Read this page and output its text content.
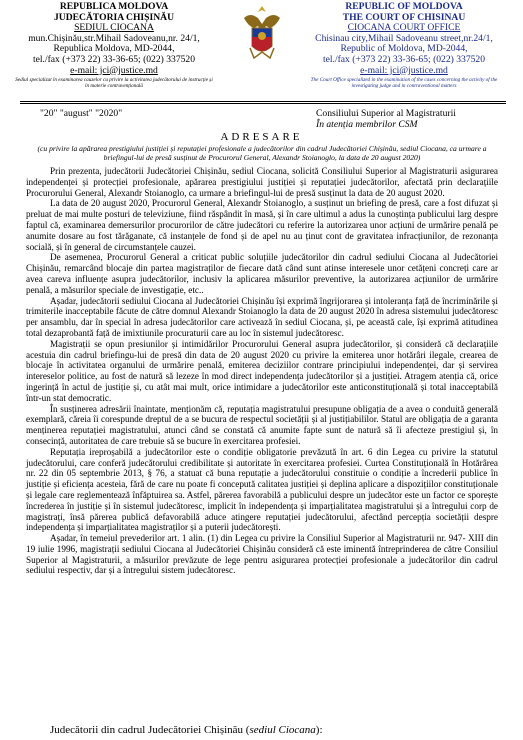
REPUBLICA MOLDOVA
JUDECĂTORIA CHIȘINĂU
SEDIUL CIOCANA
mun.Chișinău,str.Mihail Sadoveanu,nr. 24/1,
Republica Moldova, MD-2044,
tel./fax (+373 22) 33-36-65; (022) 337520
e-mail: jci@justice.md
Sediul specializat în examinarea cauzelor cu privire la activitatea judecătorului de instrucție și în materie contravențională
REPUBLIC OF MOLDOVA
THE COURT OF CHISINAU
CIOCANA COURT OFFICE
Chisinau city,Mihail Sadoveanu street,nr.24/1,
Republic of Moldova, MD-2044,
tel./fax (+373 22) 33-36-65; (022) 337520
e-mail: jci@justice.md
The Court Office specialized in the examination of the cases concerning the activity of the investigating judge and in contraventional matters
"20" "august" "2020"	Consiliului Superior al Magistraturii
În atenția membrilor CSM
ADRESARE
(cu privire la apărarea prestigiului justiției și reputației profesionale a judecătorilor din cadrul Judecătoriei Chișinău, sediul Ciocana, ca urmare a briefingul-lui de presă susținut de Procurorul General, Alexandr Stoianoglo, la data de 20 august 2020)

Prin prezenta, judecătorii Judecătoriei Chișinău, sediul Ciocana, solicită Consiliului Superior al Magistraturii asigurarea independenței și protecției profesionale, apărarea prestigiului justiției și reputației judecătorilor, afectată prin declarațiile Procurorului General, Alexandr Stoianoglo, ca urmare a briefingul-lui de presă susținut la data de 20 august 2020.

La data de 20 august 2020, Procurorul General, Alexandr Stoianoglo, a susținut un briefing de presă, care a fost difuzat și preluat de mai multe posturi de televiziune, fiind răspândit în masă, și în care ultimul a adus la cunoștința publicului larg despre faptul că, examinarea demersurilor procurorilor de către judecători cu referire la autorizarea unor acțiuni de urmărire penală pe anumite dosare au fost tărăganate, că instanțele de fond și de apel nu au ținut cont de gravitatea infracțiunilor, de rezonanța socială, și în general de circumstanțele cauzei.

De asemenea, Procurorul General a criticat public soluțiile judecătorilor din cadrul sediului Ciocana al Judecătoriei Chișinău, remarcând blocaje din partea magistraților de fiecare dată când sunt atinse interesele unor cetățeni concreți care ar avea careva influențe asupra judecătorilor, inclusiv la aplicarea măsurilor preventive, la autorizarea acțiunilor de urmărire penală, a măsurilor speciale de investigație, etc..

Așadar, judecătorii sediului Ciocana al Judecătoriei Chișinău își exprimă îngrijorarea și intoleranța față de încriminările și trimiterile inacceptabile făcute de către domnul Alexandr Stoianoglo la data de 20 august 2020 în adresa sistemului judecătoresc per ansamblu, dar în special în adresa judecătorilor care activează în sediul Ciocana, și, pe această cale, își exprimă atitudinea total dezaprobantă față de imixtiunile procuraturii care au loc în sistemul judecătoresc.

Magistrații se opun presiunilor și intimidărilor Procurorului General asupra judecătorilor, și consideră că declarațiile acestuia din cadrul briefingu-lui de presă din data de 20 august 2020 cu privire la emiterea unor hotărâri ilegale, crearea de blocaje în activitatea organului de urmărire penală, emiterea deciziilor contrare principiului independenței, dar și servirea intereselor politice, au fost de natură să lezeze în mod direct independența judecătorilor și a justiției. Atragem atenția că, orice ingerință în actul de justiție și, cu atât mai mult, orice intimidare a judecătorilor este anticonstituțională și total inacceptabilă într-un stat democratic.

În susținerea adresării înaintate, menționăm că, reputația magistratului presupune obligația de a avea o conduită generală exemplară, căreia îi corespunde dreptul de a se bucura de respectul societății și al justițiabililor. Statul are obligația de a garanta menținerea reputației magistratului, atunci când se constată că anumite fapte sunt de natură să îi afecteze prestigiul și, în consecință, autoritatea de care trebuie să se bucure în exercitarea profesiei.

Reputația ireproșabilă a judecătorilor este o condiție obligatorie prevăzută în art. 6 din Legea cu privire la statutul judecătorului, care conferă judecătorului credibilitate și autoritate în exercitarea profesiei. Curtea Constituțională în Hotărârea nr. 22 din 05 septembrie 2013, § 76, a statuat că buna reputație a judecătorului constituie o condiție a încrederii publice în justiție și eficiența acesteia, fără de care nu poate fi concepută calitatea justiției și deplina aplicare a dispozițiilor constituționale și legale care reglementează înfăptuirea sa. Astfel, părerea favorabilă a publicului despre un judecător este un factor ce sporește încrederea în justiție și în sistemul judecătoresc, implicit în independența și imparțialitatea magistratului și a întregului corp de magistrați, însă părerea publică defavorabilă aduce atingere reputației judecătorului, afectând percepția societății despre independența și imparțialitatea magistraților și a puterii judecătorești.

Așadar, în temeiul prevederilor art. 1 alin. (1) din Legea cu privire la Consiliul Superior al Magistraturii nr. 947- XIII din 19 iulie 1996, magistrații sediului Ciocana al Judecătoriei Chișinău consideră că este iminentă întreprinderea de către Consiliul Superior al Magistraturii, a măsurilor prevăzute de lege pentru asigurarea protecției profesionale a judecătorilor din cadrul sediului respectiv, dar și a întregului sistem judecătoresc.

Judecătorii din cadrul Judecătoriei Chișinău (sediul Ciocana):
